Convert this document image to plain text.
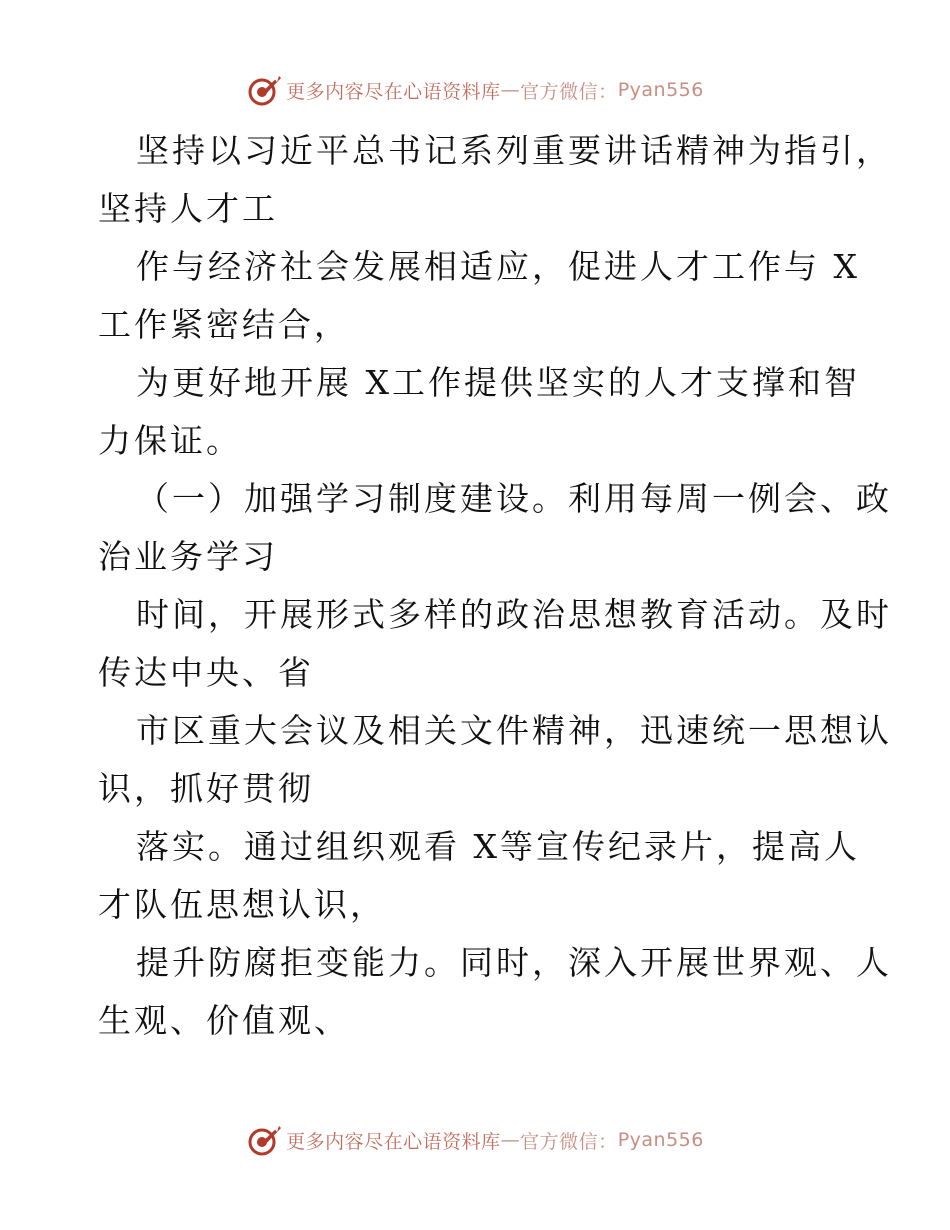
更多内容尽在心语资料库 — 官方微信： Pyan556
坚持以习近平总书记系列重要讲话精神为指引，
坚持人才工
作与经济社会发展相适应，促进人才工作与 X
工作紧密结合，
为更好地开展 X工作提供坚实的人才支撑和智
力保证。
（一）加强学习制度建设。利用每周一例会、政
治业务学习
时间，开展形式多样的政治思想教育活动。及时
传达中央、省
市区重大会议及相关文件精神，迅速统一思想认
识，抓好贯彻
落实。通过组织观看 X等宣传纪录片，提高人
才队伍思想认识，
提升防腐拒变能力。同时，深入开展世界观、人
生观、价值观、
更多内容尽在心语资料库 — 官方微信： Pyan556
